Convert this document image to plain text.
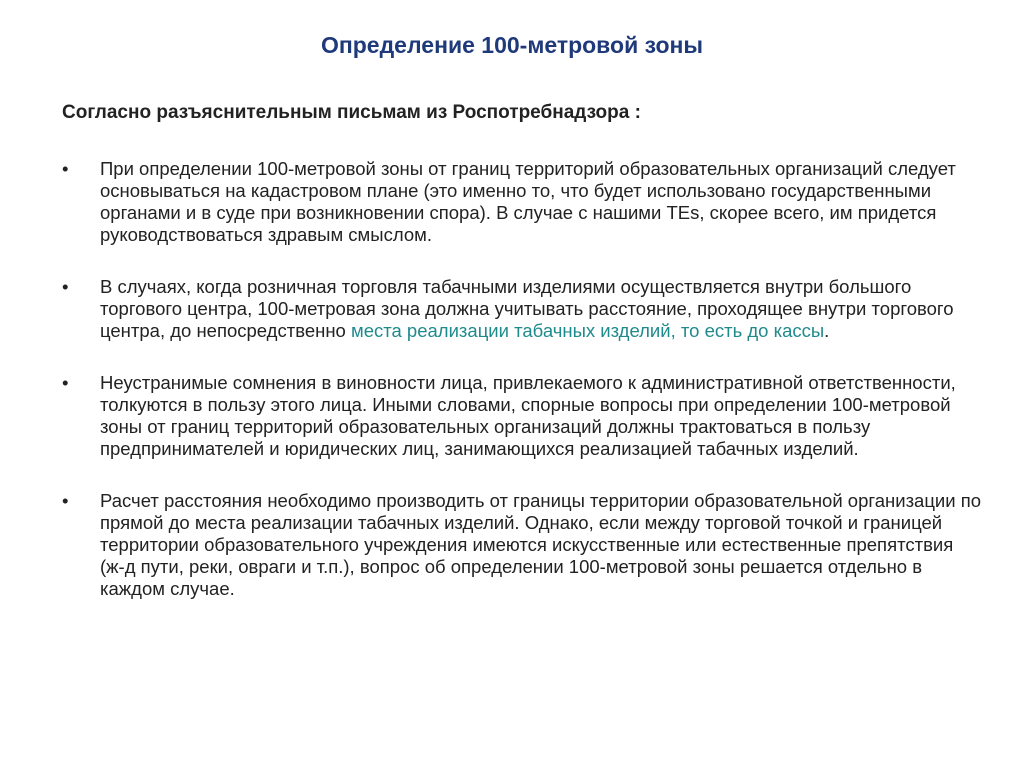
Определение 100-метровой зоны
Согласно разъяснительным письмам из Роспотребнадзора :
•	При определении 100-метровой зоны от границ территорий образовательных организаций следует основываться на кадастровом плане (это именно то, что будет использовано государственными органами и в суде при возникновении спора). В случае с нашими TEs, скорее всего, им придется руководствоваться здравым смыслом.
•	В случаях, когда розничная торговля табачными изделиями осуществляется внутри большого торгового центра, 100-метровая зона должна учитывать расстояние, проходящее внутри торгового центра, до непосредственно места реализации табачных изделий, то есть до кассы.
•	Неустранимые сомнения в виновности лица, привлекаемого к административной ответственности, толкуются в пользу этого лица. Иными словами, спорные вопросы при определении 100-метровой зоны от границ территорий образовательных организаций должны трактоваться в пользу предпринимателей и юридических лиц, занимающихся реализацией табачных изделий.
•	Расчет расстояния необходимо производить от границы территории образовательной организации по прямой до места реализации табачных изделий. Однако, если между торговой точкой и границей территории образовательного учреждения имеются искусственные или естественные препятствия (ж-д пути, реки, овраги и т.п.), вопрос об определении 100-метровой зоны решается отдельно в каждом случае.
